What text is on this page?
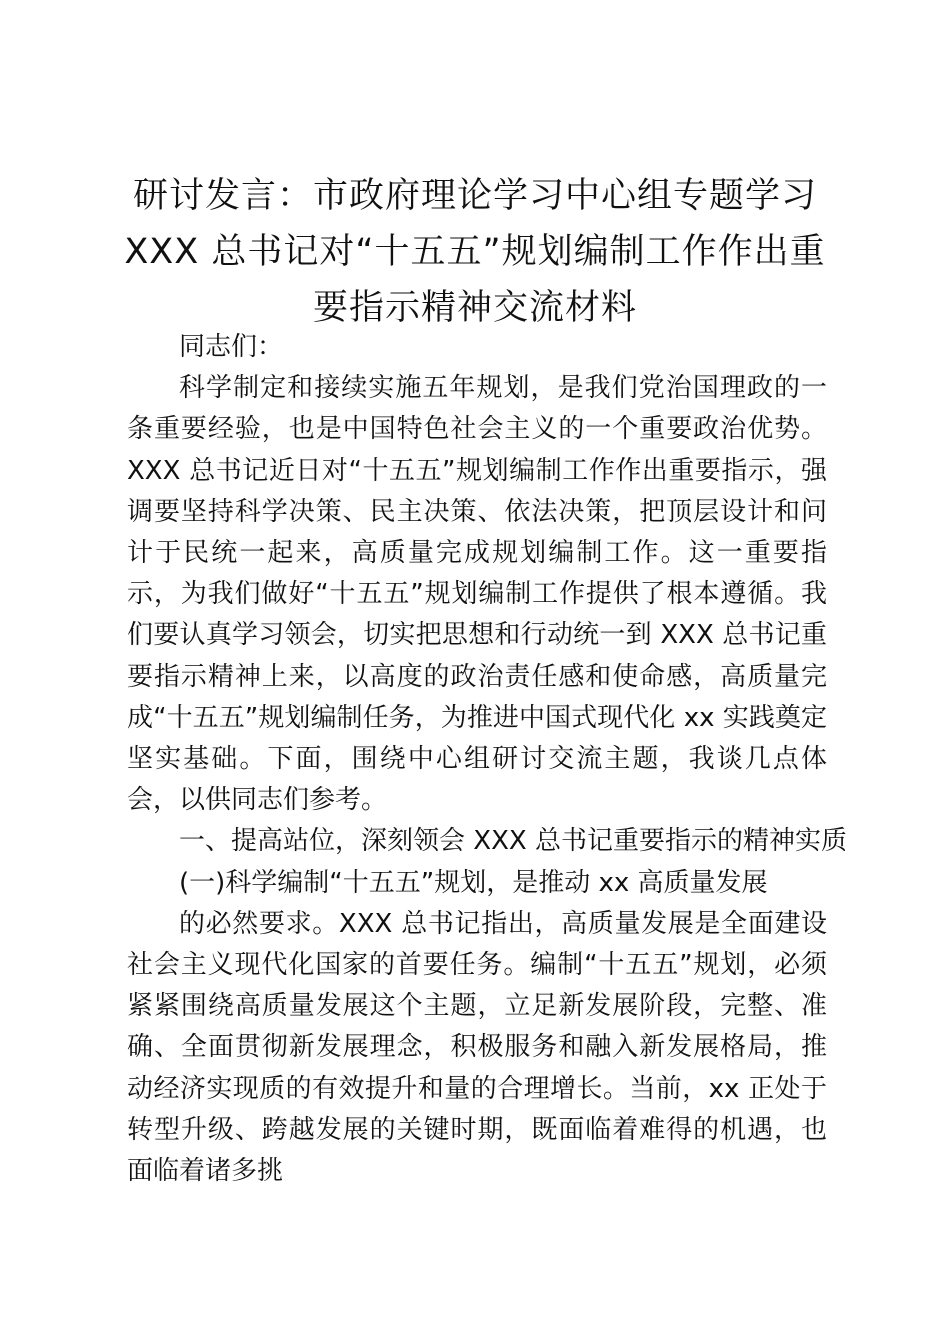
研讨发言：市政府理论学习中心组专题学习
XXX 总书记对“十五五”规划编制工作作出重
要指示精神交流材料

同志们：

科学制定和接续实施五年规划，是我们党治国理政的一条重要经验，也是中国特色社会主义的一个重要政治优势。XXX 总书记近日对“十五五”规划编制工作作出重要指示，强调要坚持科学决策、民主决策、依法决策，把顶层设计和问计于民统一起来，高质量完成规划编制工作。这一重要指示，为我们做好“十五五”规划编制工作提供了根本遵循。我们要认真学习领会，切实把思想和行动统一到 XXX 总书记重要指示精神上来，以高度的政治责任感和使命感，高质量完成“十五五”规划编制任务，为推进中国式现代化 xx 实践奠定坚实基础。下面，围绕中心组研讨交流主题，我谈几点体会，以供同志们参考。

一、提高站位，深刻领会 XXX 总书记重要指示的精神实质

(一)科学编制“十五五”规划，是推动 xx 高质量发展

的必然要求。XXX 总书记指出，高质量发展是全面建设社会主义现代化国家的首要任务。编制“十五五”规划，必须紧紧围绕高质量发展这个主题，立足新发展阶段，完整、准确、全面贯彻新发展理念，积极服务和融入新发展格局，推动经济实现质的有效提升和量的合理增长。当前，xx 正处于转型升级、跨越发展的关键时期，既面临着难得的机遇，也面临着诸多挑
